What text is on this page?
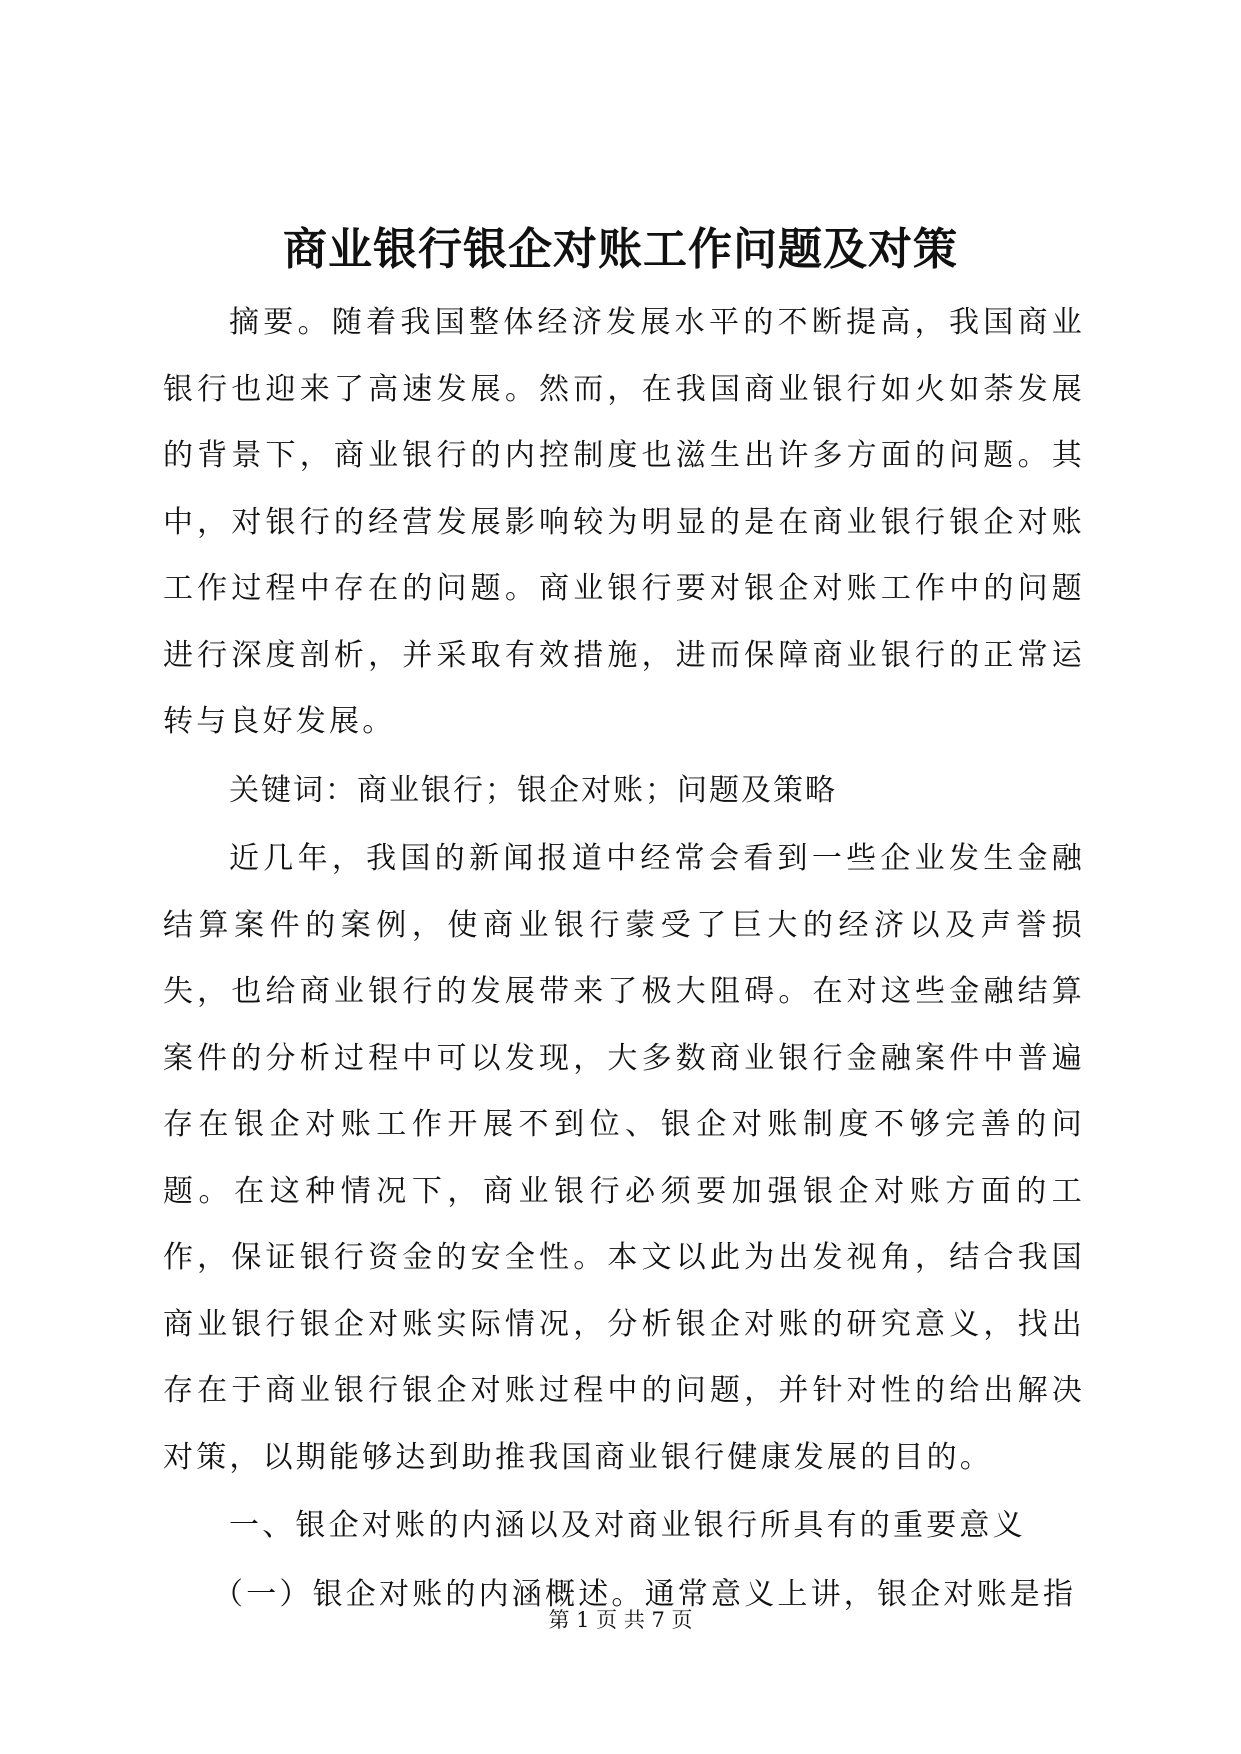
商业银行银企对账工作问题及对策

摘要。随着我国整体经济发展水平的不断提高，我国商业银行也迎来了高速发展。然而，在我国商业银行如火如荼发展的背景下，商业银行的内控制度也滋生出许多方面的问题。其中，对银行的经营发展影响较为明显的是在商业银行银企对账工作过程中存在的问题。商业银行要对银企对账工作中的问题进行深度剖析，并采取有效措施，进而保障商业银行的正常运转与良好发展。

关键词：商业银行；银企对账；问题及策略

近几年，我国的新闻报道中经常会看到一些企业发生金融结算案件的案例，使商业银行蒙受了巨大的经济以及声誉损失，也给商业银行的发展带来了极大阻碍。在对这些金融结算案件的分析过程中可以发现，大多数商业银行金融案件中普遍存在银企对账工作开展不到位、银企对账制度不够完善的问题。在这种情况下，商业银行必须要加强银企对账方面的工作，保证银行资金的安全性。本文以此为出发视角，结合我国商业银行银企对账实际情况，分析银企对账的研究意义，找出存在于商业银行银企对账过程中的问题，并针对性的给出解决对策，以期能够达到助推我国商业银行健康发展的目的。

一、银企对账的内涵以及对商业银行所具有的重要意义

（一）银企对账的内涵概述。通常意义上讲，银企对账是指

第 1 页 共 7 页
